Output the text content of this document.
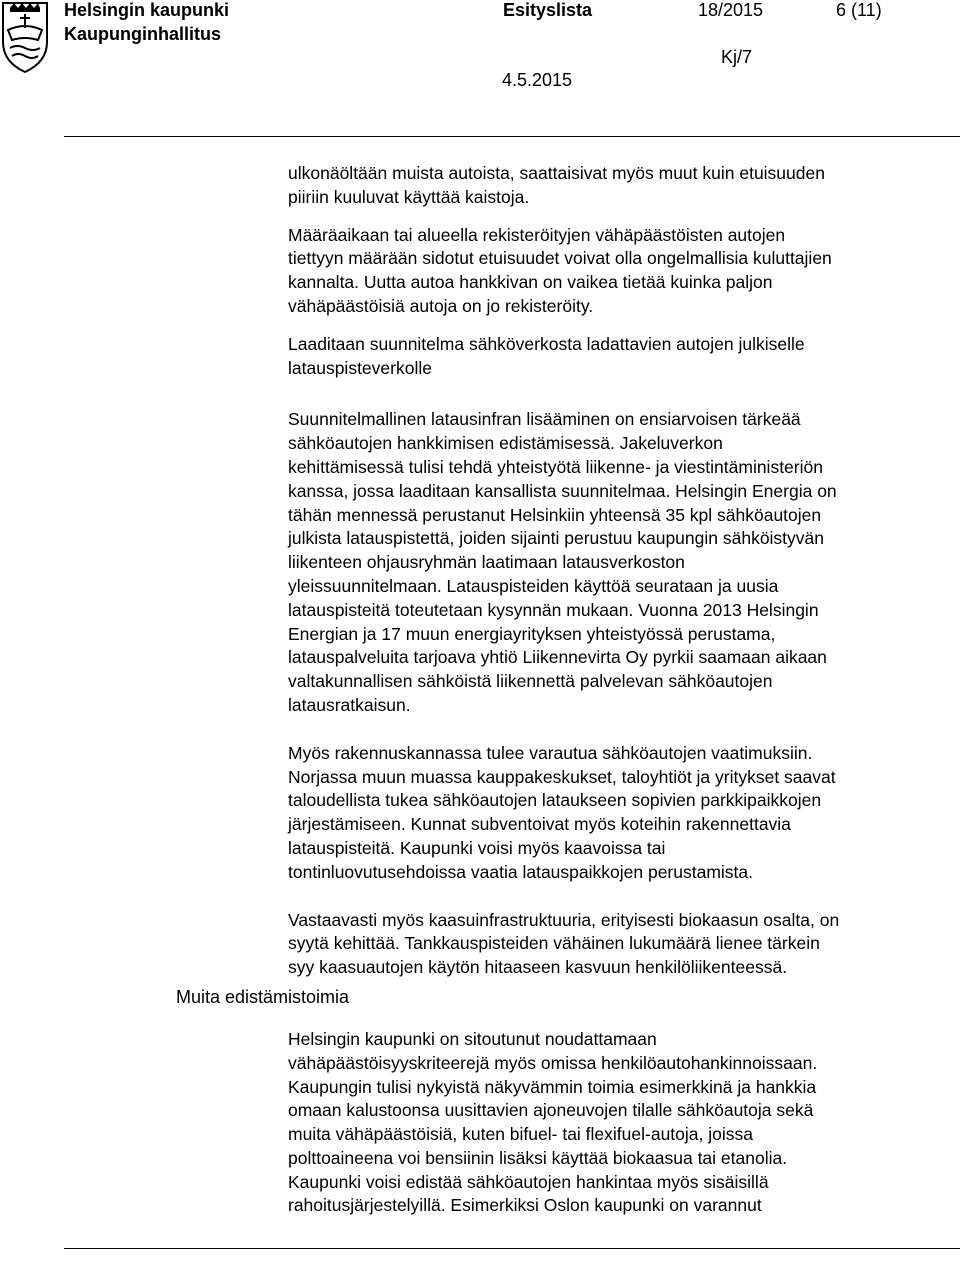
Helsingin kaupunki
Kaupunginhallitus
Esityslista	18/2015	6 (11)
Kj/7
4.5.2015
Muita edistämistoimia

ulkonäöltään muista autoista, saattaisivat myös muut kuin etuisuuden

piiriin kuuluvat käyttää kaistoja.

Määräaikaan tai alueella rekisteröityjen vähäpäästöisten autojen

tiettyyn määrään sidotut etuisuudet voivat olla ongelmallisia kuluttajien

kannalta. Uutta autoa hankkivan on vaikea tietää kuinka paljon

vähäpäästöisiä autoja on jo rekisteröity.

Laaditaan suunnitelma sähköverkosta ladattavien autojen julkiselle

latauspisteverkolle

Suunnitelmallinen latausinfran lisääminen on ensiarvoisen tärkeää

sähköautojen hankkimisen edistämisessä. Jakeluverkon

kehittämisessä tulisi tehdä yhteistyötä liikenne- ja viestintäministeriön

kanssa, jossa laaditaan kansallista suunnitelmaa. Helsingin Energia on

tähän mennessä perustanut Helsinkiin yhteensä 35 kpl sähköautojen

julkista latauspistettä, joiden sijainti perustuu kaupungin sähköistyvän

liikenteen ohjausryhmän laatimaan latausverkoston

yleissuunnitelmaan. Latauspisteiden käyttöä seurataan ja uusia

latauspisteitä toteutetaan kysynnän mukaan. Vuonna 2013 Helsingin

Energian ja 17 muun energiayrityksen yhteistyössä perustama,

latauspalveluita tarjoava yhtiö Liikennevirta Oy pyrkii saamaan aikaan

valtakunnallisen sähköistä liikennettä palvelevan sähköautojen

latausratkaisun.

Myös rakennuskannassa tulee varautua sähköautojen vaatimuksiin.

Norjassa muun muassa kauppakeskukset, taloyhtiöt ja yritykset saavat

taloudellista tukea sähköautojen lataukseen sopivien parkkipaikkojen

järjestämiseen. Kunnat subventoivat myös koteihin rakennettavia

latauspisteitä. Kaupunki voisi myös kaavoissa tai

tontinluovutusehdoissa vaatia latauspaikkojen perustamista.

Vastaavasti myös kaasuinfrastruktuuria, erityisesti biokaasun osalta, on

syytä kehittää. Tankkauspisteiden vähäinen lukumäärä lienee tärkein

syy kaasuautojen käytön hitaaseen kasvuun henkilöliikenteessä.

Helsingin kaupunki on sitoutunut noudattamaan

vähäpäästöisyyskriteerejä myös omissa henkilöautohankinnoissaan.

Kaupungin tulisi nykyistä näkyvämmin toimia esimerkkinä ja hankkia

omaan kalustoonsa uusittavien ajoneuvojen tilalle sähköautoja sekä

muita vähäpäästöisiä, kuten bifuel- tai flexifuel-autoja, joissa

polttoaineena voi bensiinin lisäksi käyttää biokaasua tai etanolia.

Kaupunki voisi edistää sähköautojen hankintaa myös sisäisillä

rahoitusjärjestelyillä. Esimerkiksi Oslon kaupunki on varannut
